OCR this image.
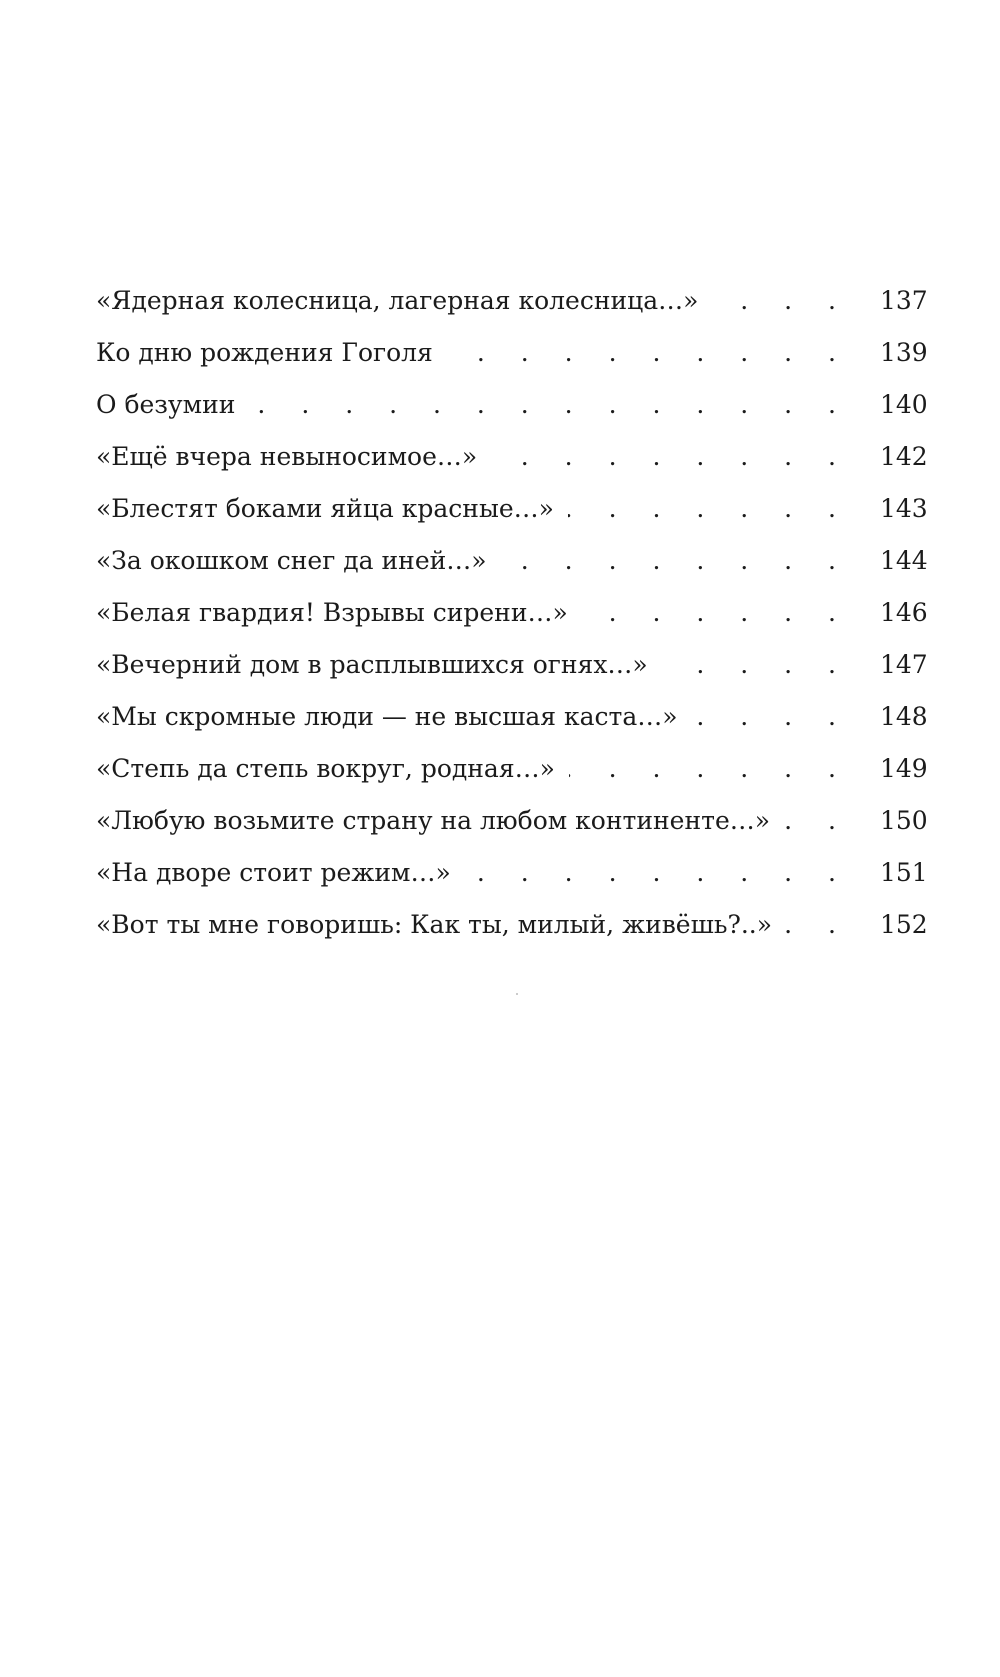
«Ядерная колесница, лагерная колесница…» . . .	137
Ко дню рождения Гоголя . . .	139
О безумии . . .	140
«Ещё вчера невыносимое…» . . .	142
«Блестят боками яйца красные…» . . .	143
«За окошком снег да иней…» . . .	144
«Белая гвардия! Взрывы сирени…» . . .	146
«Вечерний дом в расплывшихся огнях…» . . .	147
«Мы скромные люди — не высшая каста…» . . .	148
«Степь да степь вокруг, родная…» . . .	149
«Любую возьмите страну на любом континенте…» . . .	150
«На дворе стоит режим…» . . .	151
«Вот ты мне говоришь: Как ты, милый, живёшь?..» . . .	152
